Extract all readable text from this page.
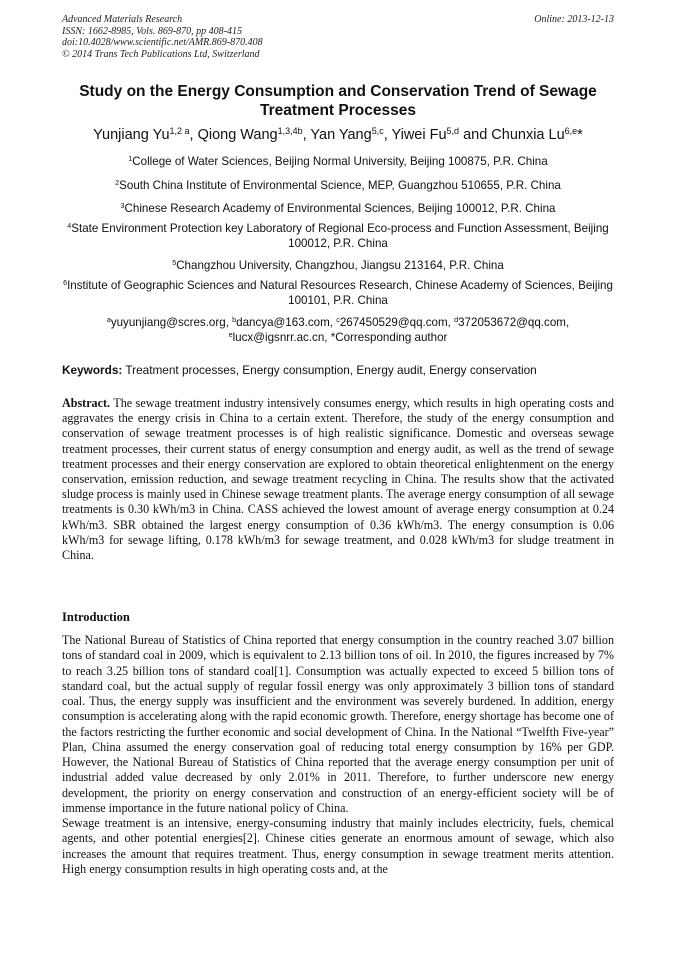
Advanced Materials Research
ISSN: 1662-8985, Vols. 869-870, pp 408-415
doi:10.4028/www.scientific.net/AMR.869-870.408
© 2014 Trans Tech Publications Ltd, Switzerland
Online: 2013-12-13
Study on the Energy Consumption and Conservation Trend of Sewage
Treatment Processes
Yunjiang $Yu^{1,2 a}$, Qiong Wang$^{1,3,4b}$, Yan Yang$^{5,c}$, Yiwei Fu$^{5,d}$ and Chunxia Lu$^{6,e}$*
$^1$College of Water Sciences, Beijing Normal University, Beijing 100875, P.R. China
$^2$South China Institute of Environmental Science, MEP, Guangzhou 510655, P.R. China
$^3$Chinese Research Academy of Environmental Sciences, Beijing 100012, P.R. China
$^4$State Environment Protection key Laboratory of Regional Eco-process and Function Assessment, Beijing 100012, P.R. China
$^5$Changzhou University, Changzhou, Jiangsu 213164, P.R. China
$^6$Institute of Geographic Sciences and Natural Resources Research, Chinese Academy of Sciences, Beijing 100101, P.R. China
$^a$yuyunjiang@scres.org, $^b$dancya@163.com, $^c$267450529@qq.com, $^d$372053672@qq.com,
$^e$lucx@igsnrr.ac.cn, *Corresponding author
Keywords: Treatment processes, Energy consumption, Energy audit, Energy conservation
Abstract. The sewage treatment industry intensively consumes energy, which results in high operating costs and aggravates the energy crisis in China to a certain extent. Therefore, the study of the energy consumption and conservation of sewage treatment processes is of high realistic significance. Domestic and overseas sewage treatment processes, their current status of energy consumption and energy audit, as well as the trend of sewage treatment processes and their energy conservation are explored to obtain theoretical enlightenment on the energy conservation, emission reduction, and sewage treatment recycling in China. The results show that the activated sludge process is mainly used in Chinese sewage treatment plants. The average energy consumption of all sewage treatments is 0.30 kWh/m3 in China. CASS achieved the lowest amount of average energy consumption at 0.24 kWh/m3. SBR obtained the largest energy consumption of 0.36 kWh/m3. The energy consumption is 0.06 kWh/m3 for sewage lifting, 0.178 kWh/m3 for sewage treatment, and 0.028 kWh/m3 for sludge treatment in China.
Introduction

The National Bureau of Statistics of China reported that energy consumption in the country reached 3.07 billion tons of standard coal in 2009, which is equivalent to 2.13 billion tons of oil. In 2010, the figures increased by 7% to reach 3.25 billion tons of standard coal[1]. Consumption was actually expected to exceed 5 billion tons of standard coal, but the actual supply of regular fossil energy was only approximately 3 billion tons of standard coal. Thus, the energy supply was insufficient and the environment was severely burdened. In addition, energy consumption is accelerating along with the rapid economic growth. Therefore, energy shortage has become one of the factors restricting the further economic and social development of China. In the National “Twelfth Five-year” Plan, China assumed the energy conservation goal of reducing total energy consumption by 16% per GDP. However, the National Bureau of Statistics of China reported that the average energy consumption per unit of industrial added value decreased by only 2.01% in 2011. Therefore, to further underscore new energy development, the priority on energy conservation and construction of an energy-efficient society will be of immense importance in the future national policy of China.

Sewage treatment is an intensive, energy-consuming industry that mainly includes electricity, fuels, chemical agents, and other potential energies[2]. Chinese cities generate an enormous amount of sewage, which also increases the amount that requires treatment. Thus, energy consumption in sewage treatment merits attention. High energy consumption results in high operating costs and, at the
